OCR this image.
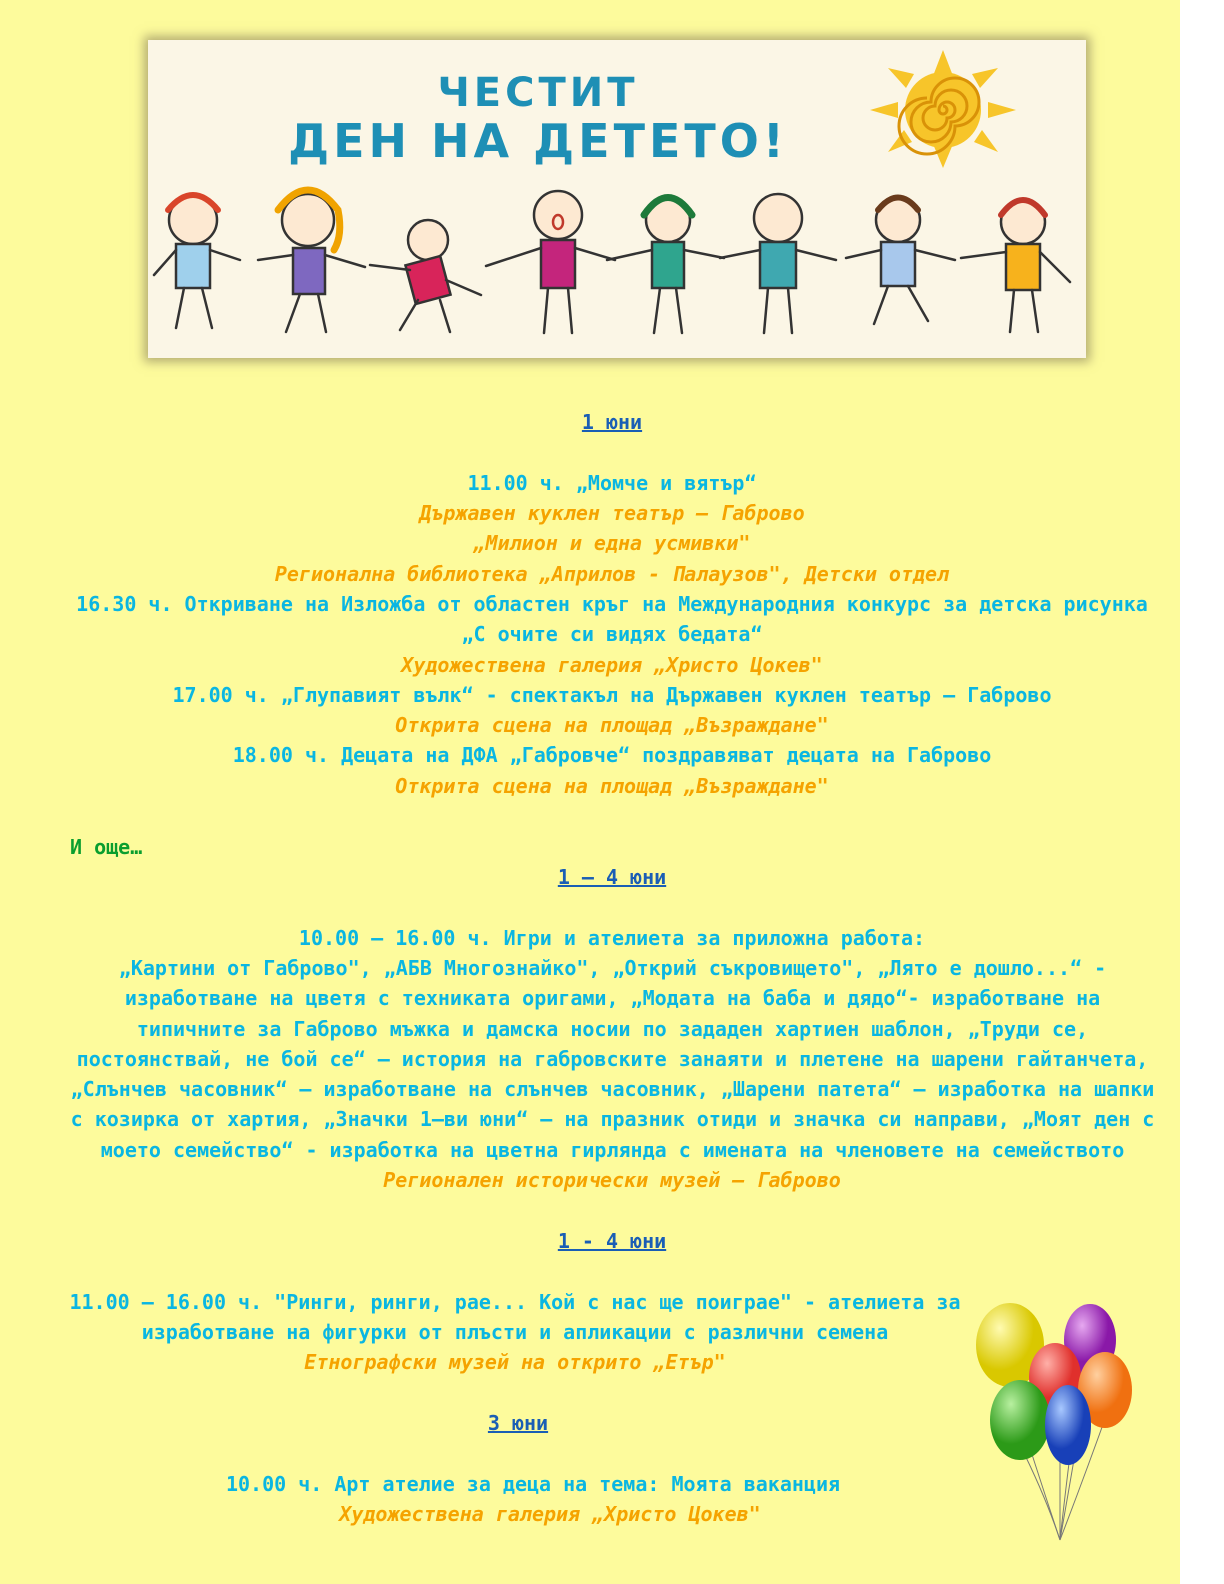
ЧЕСТИТ
ДЕН НА ДЕТЕТО!
1 юни
11.00 ч. „Момче и вятър“
Държавен куклен театър – Габрово
„Милион и една усмивки"
Регионална библиотека „Априлов - Палаузов", Детски отдел
16.30 ч. Откриване на Изложба от областен кръг на Международния конкурс за детска рисунка
„С очите си видях бедата“
Художествена галерия „Христо Цокев"
17.00 ч. „Глупавият вълк“ - спектакъл на Държавен куклен театър – Габрово
Открита сцена на площад „Възраждане"
18.00 ч. Децата на ДФА „Габровче“ поздравяват децата на Габрово
Открита сцена на площад „Възраждане"
И още…
1 – 4 юни
10.00 – 16.00 ч. Игри и ателиета за приложна работа:
„Картини от Габрово", „АБВ Многознайко", „Открий съкровището", „Лято е дошло...“ - изработване на цветя с техниката оригами, „Модата на баба и дядо“- изработване на типичните за Габрово мъжка и дамска носии по зададен хартиен шаблон, „Труди се, постоянствай, не бой се“ – история на габровските занаяти и плетене на шарени гайтанчета, „Слънчев часовник“ – изработване на слънчев часовник, „Шарени патета“ – изработка на шапки с козирка от хартия, „Значки 1–ви юни“ – на празник отиди и значка си направи, „Моят ден с моето семейство“ - изработка на цветна гирлянда с имената на членовете на семейството
Регионален исторически музей – Габрово
1 - 4 юни
11.00 – 16.00 ч. "Ринги, ринги, рае... Кой с нас ще поиграе" - ателиета за
изработване на фигурки от плъсти и апликации с различни семена
Етнографски музей на открито „Етър"
3 юни
10.00 ч. Арт ателие за деца на тема: Моята ваканция
Художествена галерия „Христо Цокев"
